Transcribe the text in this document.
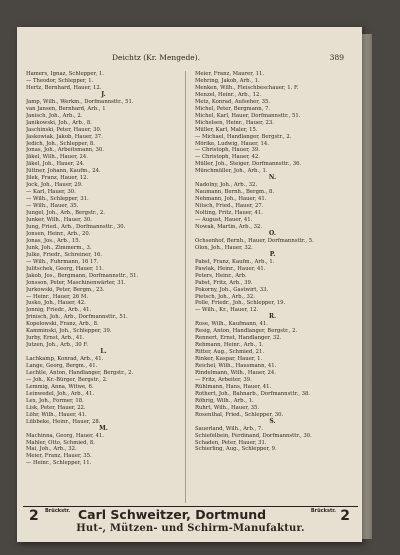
Deichtz (Kr. Mengede).	389
Hamers, Ignaz, Schlepper, 1.
— Theodor, Schlepper, 1.
Hertz, Bernhard, Hauer, 12.
J.
Jamp, Wilh., Werkm., Dorfmannsttr., 51.
van Jansen, Bernhard, Arb., 1
Janisch, Joh., Arb., 2.
Janikowski, Joh., Arb., 8.
Jaschinski, Peter, Hauer, 30.
Jaskowiak, Jakob, Hauer, 37.
Jedich, Joh., Schlepper, 8.
Jonas, Joh., Arbeitsmann, 30.
Jäkel, Wilh., Hauer, 24.
Jäkel, Joh., Hauer, 24.
Jüttner, Johann, Kaufm., 24.
Jilek, Franz, Hauer, 12.
Jock, Joh., Hauer, 29.
— Karl, Hauer, 30.
— Wilh., Schlepper, 31.
— Wilh., Hauer, 35.
Jungel, Joh., Arb., Bergstr., 2.
Junker, Wilh., Hauer, 30.
Jung, Fried., Arb., Dorfmannsttr., 30.
Jonsen, Heinr., Arb., 20.
Jonas, Jos., Arb., 15.
Junk, Joh., Zimmerm., 3.
Julke, Friedr., Schreiner, 16.
— Wilh., Fuhrmann, 16 17.
Julitschek, Georg, Hauer, 11.
Jakob, Jos., Bergmann, Dorfmannsttr., 51.
Jonsson, Peter, Maschinenwärter, 31.
Jurkowski, Peter, Bergm., 23.
— Heinr., Hauer, 26 M.
Jusko, Joh., Hauer, 42.
Jonnig, Friedr., Arb., 41.
Jrinisch, Joh., Arb., Dorfmannsttr., 51.
Kopelowski, Franz, Arb., 8.
Kamminski, Joh., Schlepper, 39.
Jurby, Ernst, Arb., 41.
Jutzen, Joh., Arb., 30 F.
L.
Lachkamp, Konrad, Arb., 41.
Lange, Georg, Bergm., 41.
Lechtle, Anton, Handlanger, Bergstr., 2.
— Joh., Kr.-Bürger, Bergstr., 2.
Lemmig, Anna, Witwe, 6.
Leinwedel, Joh., Arb., 41.
Lex, Joh., Former, 18.
Lisk, Peter, Hauer, 22.
Löhr, Wilh., Hauer, 41.
Lübbeke, Heinr., Hauer, 28.
M.
Machinna, Georg, Hauer, 41.
Mahler, Otto, Schmied, 8.
Mai, Joh., Arb., 32.
Meier, Franz, Hauer, 35.
— Heinr., Schlepper, 11.
Meier, Franz, Maurer, 11.
Mehring, Jakob, Arb., 1.
Menken, Wilh., Fleischbeschauer, 1. F.
Menzel, Heinr., Arb., 12.
Metz, Konrad, Aufseher, 35.
Michel, Peter, Bergmann, 7.
Michel, Karl, Hauer, Dorfmannsttr., 51.
Michelsen, Heinr., Hauer, 23.
Müller, Karl, Maler, 15.
— Michael, Handlanger, Bergstr., 2.
Mörike, Ludwig, Hauer, 14.
— Christoph, Hauer, 39.
— Christoph, Hauer, 42.
Müller, Joh., Steiger, Dorfmannsttr., 36.
Münchmüller, Joh., Arb., 1.
N.
Nadolny, Joh., Arb., 32.
Naumann, Bernh., Bergm., 8.
Nehmann, Joh., Hauer, 41.
Nitsch, Fried., Hauer, 27.
Nolting, Fritz, Hauer, 41.
— August, Hauer, 41.
Nowak, Martin, Arb., 32.
O.
Ochsenhof, Bernh., Hauer, Dorfmannsttr., 5.
Olon, Joh., Hauer, 32.
P.
Pabst, Franz, Kaufm., Arb., 1.
Pawlak, Heinr., Hauer, 41.
Peters, Heinr., Arb.
Pabst, Fritz, Arb., 39.
Pokorny, Joh., Gastwirt, 33.
Pietsch, Joh., Arb., 32.
Polle, Friedr., Joh., Schlepper, 19.
— Wilh., Kr., Hauer, 12.
R.
Rose, Wilh., Kaufmann, 41.
Resig, Anton, Handlanger, Bergstr., 2.
Rennert, Ernst, Handlanger, 32.
Rehmann, Heinr., Arb., 1.
Ritter, Aug., Schmied, 21.
Rinker, Kaspar, Hauer, 1.
Reichel, Wilh., Hausmann, 41.
Rindelmann, Wilh., Hauer, 24.
— Fritz, Arbeiter, 39.
Rühlmann, Hans, Hauer, 41.
Rothert, Joh., Bahnarb., Dorfmannsttr., 38.
Röhrig, Wilh., Arb., 1.
Ruhrt, Wilh., Hauer, 35.
Rosenthal, Fried., Schlepper, 30.
S.
Sauerland, Wilh., Arb., 7.
Schiefelbein, Ferdinand, Dorfmannsttr., 30.
Schaden, Peter, Hauer, 31.
Schierling, Aug., Schlepper, 9.
2 Brückstr. Carl Schweitzer, Dortmund	Brückstr. 2
Hut-, Mützen- und Schirm-Manufaktur.
